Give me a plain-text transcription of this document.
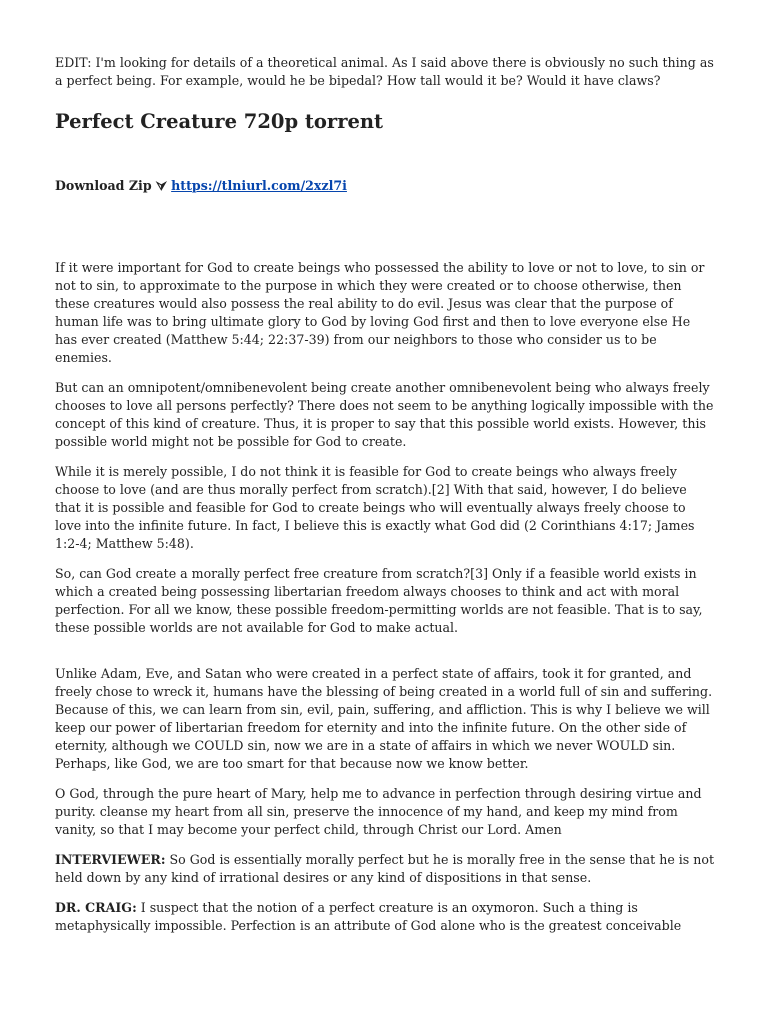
EDIT: I'm looking for details of a theoretical animal. As I said above there is obviously no such thing as a perfect being. For example, would he be bipedal? How tall would it be? Would it have claws?

Perfect Creature 720p torrent

Download Zip ⮛ https://tlniurl.com/2xzl7i

If it were important for God to create beings who possessed the ability to love or not to love, to sin or not to sin, to approximate to the purpose in which they were created or to choose otherwise, then these creatures would also possess the real ability to do evil. Jesus was clear that the purpose of human life was to bring ultimate glory to God by loving God first and then to love everyone else He has ever created (Matthew 5:44; 22:37-39) from our neighbors to those who consider us to be enemies.

But can an omnipotent/omnibenevolent being create another omnibenevolent being who always freely chooses to love all persons perfectly? There does not seem to be anything logically impossible with the concept of this kind of creature. Thus, it is proper to say that this possible world exists. However, this possible world might not be possible for God to create.

While it is merely possible, I do not think it is feasible for God to create beings who always freely choose to love (and are thus morally perfect from scratch).[2] With that said, however, I do believe that it is possible and feasible for God to create beings who will eventually always freely choose to love into the infinite future. In fact, I believe this is exactly what God did (2 Corinthians 4:17; James 1:2-4; Matthew 5:48).

So, can God create a morally perfect free creature from scratch?[3] Only if a feasible world exists in which a created being possessing libertarian freedom always chooses to think and act with moral perfection. For all we know, these possible freedom-permitting worlds are not feasible. That is to say, these possible worlds are not available for God to make actual.

Unlike Adam, Eve, and Satan who were created in a perfect state of affairs, took it for granted, and freely chose to wreck it, humans have the blessing of being created in a world full of sin and suffering. Because of this, we can learn from sin, evil, pain, suffering, and affliction. This is why I believe we will keep our power of libertarian freedom for eternity and into the infinite future. On the other side of eternity, although we COULD sin, now we are in a state of affairs in which we never WOULD sin. Perhaps, like God, we are too smart for that because now we know better.

O God, through the pure heart of Mary, help me to advance in perfection through desiring virtue and purity. cleanse my heart from all sin, preserve the innocence of my hand, and keep my mind from vanity, so that I may become your perfect child, through Christ our Lord. Amen

INTERVIEWER: So God is essentially morally perfect but he is morally free in the sense that he is not held down by any kind of irrational desires or any kind of dispositions in that sense.

DR. CRAIG: I suspect that the notion of a perfect creature is an oxymoron. Such a thing is metaphysically impossible. Perfection is an attribute of God alone who is the greatest conceivable
